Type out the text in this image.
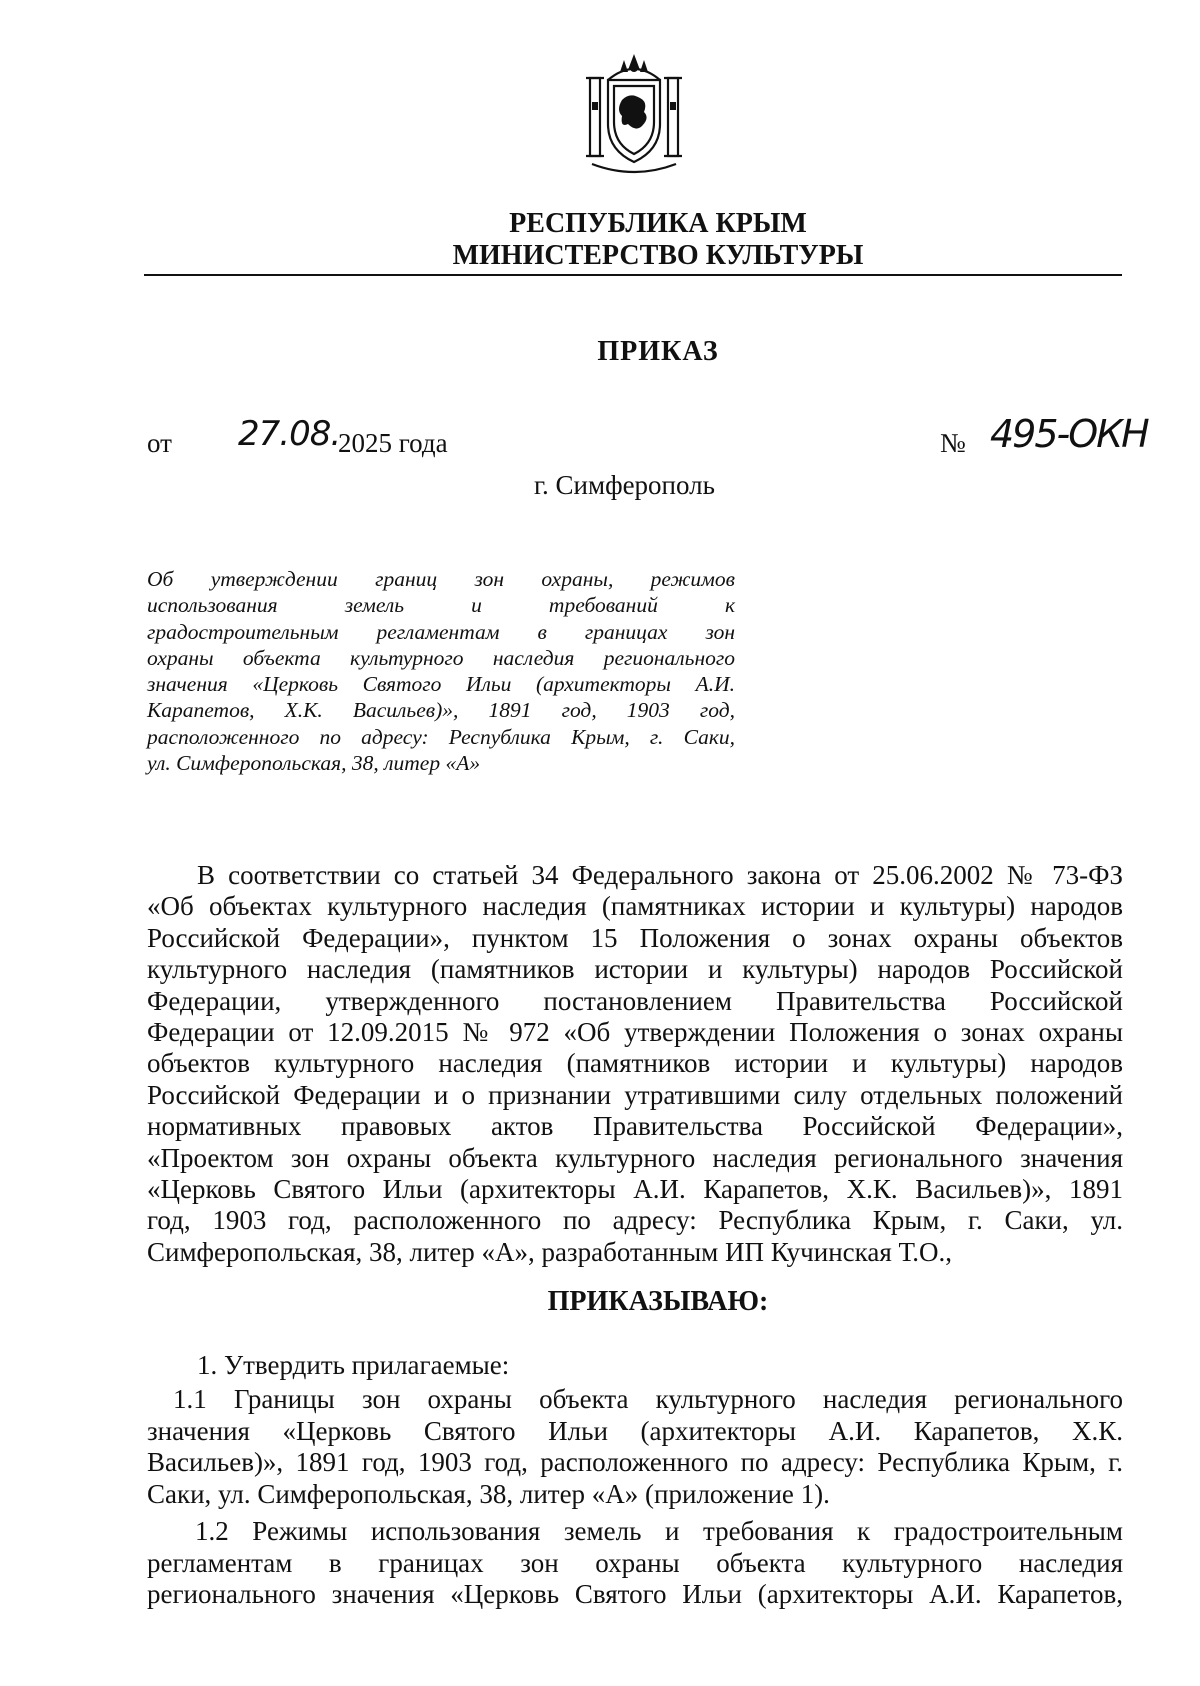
РЕСПУБЛИКА КРЫМ
МИНИСТЕРСТВО КУЛЬТУРЫ
ПРИКАЗ
от 27.08.
2025 года	№ 495-ОКН
г. Симферополь

Об утверждении границ зон охраны, режимов

использования земель и требований к

градостроительным регламентам в границах зон

охраны объекта культурного наследия регионального

значения «Церковь Святого Ильи (архитекторы А.И.

Карапетов, Х.К. Васильев)», 1891 год, 1903 год,

расположенного по адресу: Республика Крым, г. Саки,

ул. Симферопольская, 38, литер «А»

В соответствии со статьей 34 Федерального закона от 25.06.2002 № 73-ФЗ

«Об объектах культурного наследия (памятниках истории и культуры) народов

Российской Федерации», пунктом 15 Положения о зонах охраны объектов

культурного наследия (памятников истории и культуры) народов Российской

Федерации, утвержденного постановлением Правительства Российской

Федерации от 12.09.2015 № 972 «Об утверждении Положения о зонах охраны

объектов культурного наследия (памятников истории и культуры) народов

Российской Федерации и о признании утратившими силу отдельных положений

нормативных правовых актов Правительства Российской Федерации»,

«Проектом зон охраны объекта культурного наследия регионального значения

«Церковь Святого Ильи (архитекторы А.И. Карапетов, Х.К. Васильев)», 1891

год, 1903 год, расположенного по адресу: Республика Крым, г. Саки, ул.

Симферопольская, 38, литер «А», разработанным ИП Кучинская Т.О.,

ПРИКАЗЫВАЮ:

1. Утвердить прилагаемые:

1.1 Границы зон охраны объекта культурного наследия регионального

значения «Церковь Святого Ильи (архитекторы А.И. Карапетов, Х.К.

Васильев)», 1891 год, 1903 год, расположенного по адресу: Республика Крым, г.

Саки, ул. Симферопольская, 38, литер «А» (приложение 1).

1.2 Режимы использования земель и требования к градостроительным

регламентам в границах зон охраны объекта культурного наследия

регионального значения «Церковь Святого Ильи (архитекторы А.И. Карапетов,
